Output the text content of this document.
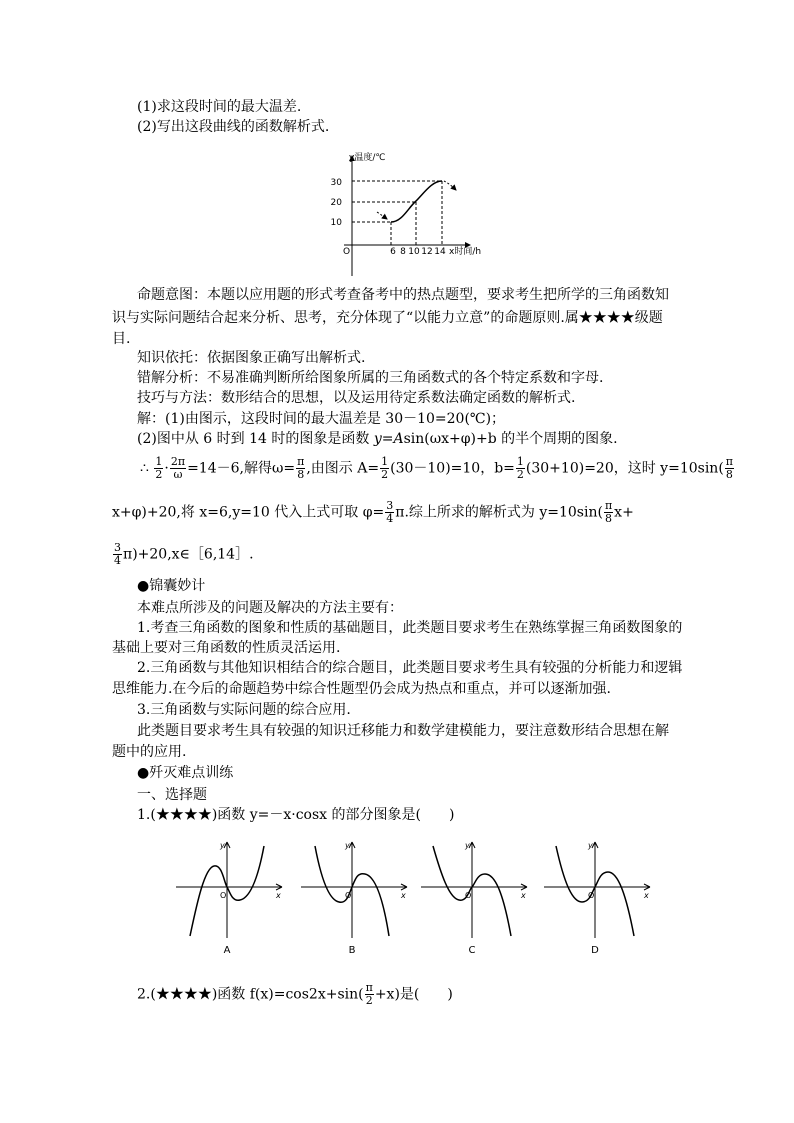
(1)求这段时间的最大温差.
(2)写出这段曲线的函数解析式.
y温度/℃
x时间/h
O
30
20
10
6 8 10 12 14
命题意图：本题以应用题的形式考查备考中的热点题型，要求考生把所学的三角函数知
识与实际问题结合起来分析、思考，充分体现了“以能力立意”的命题原则.属★★★★级题
目.
知识依托：依据图象正确写出解析式.
错解分析：不易准确判断所给图象所属的三角函数式的各个特定系数和字母.
技巧与方法：数形结合的思想，以及运用待定系数法确定函数的解析式.
解：(1)由图示，这段时间的最大温差是 30－10=20(℃)；
(2)图中从 6 时到 14 时的图象是函数 y=Asin(ωx+φ)+b 的半个周期的图象.
∴ $\frac{1}{2} \cdot \frac{2\pi}{\omega} =14-6$,解得$\omega= \frac{\pi}{8}$ ,由图示 $A= \frac{1}{2} (30-10)=10$，$b= \frac{1}{2} (30+10)=20$，这时 $y=10\sin( \frac{\pi}{8}$
x+φ)+20,将 x=6,y=10 代入上式可取 $\varphi= \frac{3}{4} \pi$.综上所求的解析式为 $y=10\sin( \frac{\pi}{8} x+$
$\frac{3}{4}$ π)+20,x∈［6,14］.
●锦囊妙计
本难点所涉及的问题及解决的方法主要有：
1.考查三角函数的图象和性质的基础题目，此类题目要求考生在熟练掌握三角函数图象的
基础上要对三角函数的性质灵活运用.
2.三角函数与其他知识相结合的综合题目，此类题目要求考生具有较强的分析能力和逻辑
思维能力.在今后的命题趋势中综合性题型仍会成为热点和重点，并可以逐渐加强.
3.三角函数与实际问题的综合应用.
此类题目要求考生具有较强的知识迁移能力和数学建模能力，要注意数形结合思想在解
题中的应用.
●歼灭难点训练
一、选择题
1.(★★★★)函数 y=－x·cosx 的部分图象是(　　)
y
x
O
A
y
x
O
B
y
x
O
C
y
x
O
D
2.(★★★★)函数 $f(x)=\cos 2x+\sin( \frac{\pi}{2} +x)$是(　　)
